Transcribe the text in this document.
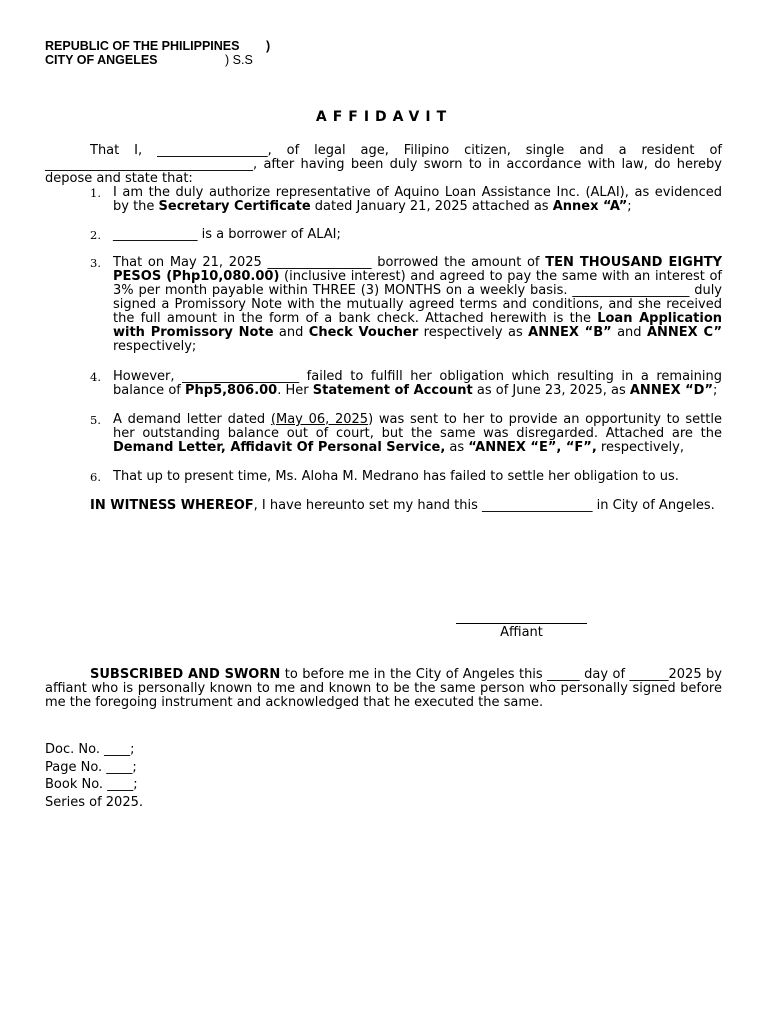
REPUBLIC OF THE PHILIPPINES )
CITY OF ANGELES	) S.S
AFFIDAVIT

That I, _________________, of legal age, Filipino citizen, single and a resident of ________________________________, after having been duly sworn to in accordance with law, do hereby depose and state that:

1. I am the duly authorize representative of Aquino Loan Assistance Inc. (ALAI), as evidenced by the Secretary Certificate dated January 21, 2025 attached as Annex “A”;
2. _____________ is a borrower of ALAI;
3. That on May 21, 2025 ________________ borrowed the amount of TEN THOUSAND EIGHTY PESOS (Php10,080.00) (inclusive interest) and agreed to pay the same with an interest of 3% per month payable within THREE (3) MONTHS on a weekly basis. __________________ duly signed a Promissory Note with the mutually agreed terms and conditions, and she received the full amount in the form of a bank check. Attached herewith is the Loan Application with Promissory Note and Check Voucher respectively as ANNEX “B” and ANNEX C” respectively;
4. However, __________________ failed to fulfill her obligation which resulting in a remaining balance of Php5,806.00. Her Statement of Account as of June 23, 2025, as ANNEX “D”;
5. A demand letter dated (May 06, 2025) was sent to her to provide an opportunity to settle her outstanding balance out of court, but the same was disregarded. Attached are the Demand Letter, Affidavit Of Personal Service, as “ANNEX “E”, “F”, respectively,
6. That up to present time, Ms. Aloha M. Medrano has failed to settle her obligation to us.

IN WITNESS WHEREOF, I have hereunto set my hand this _________________ in City of Angeles.

Affiant

SUBSCRIBED AND SWORN to before me in the City of Angeles this _____ day of ______2025 by affiant who is personally known to me and known to be the same person who personally signed before me the foregoing instrument and acknowledged that he executed the same.

Doc. No. ____;
Page No. ____;
Book No. ____;
Series of 2025.
